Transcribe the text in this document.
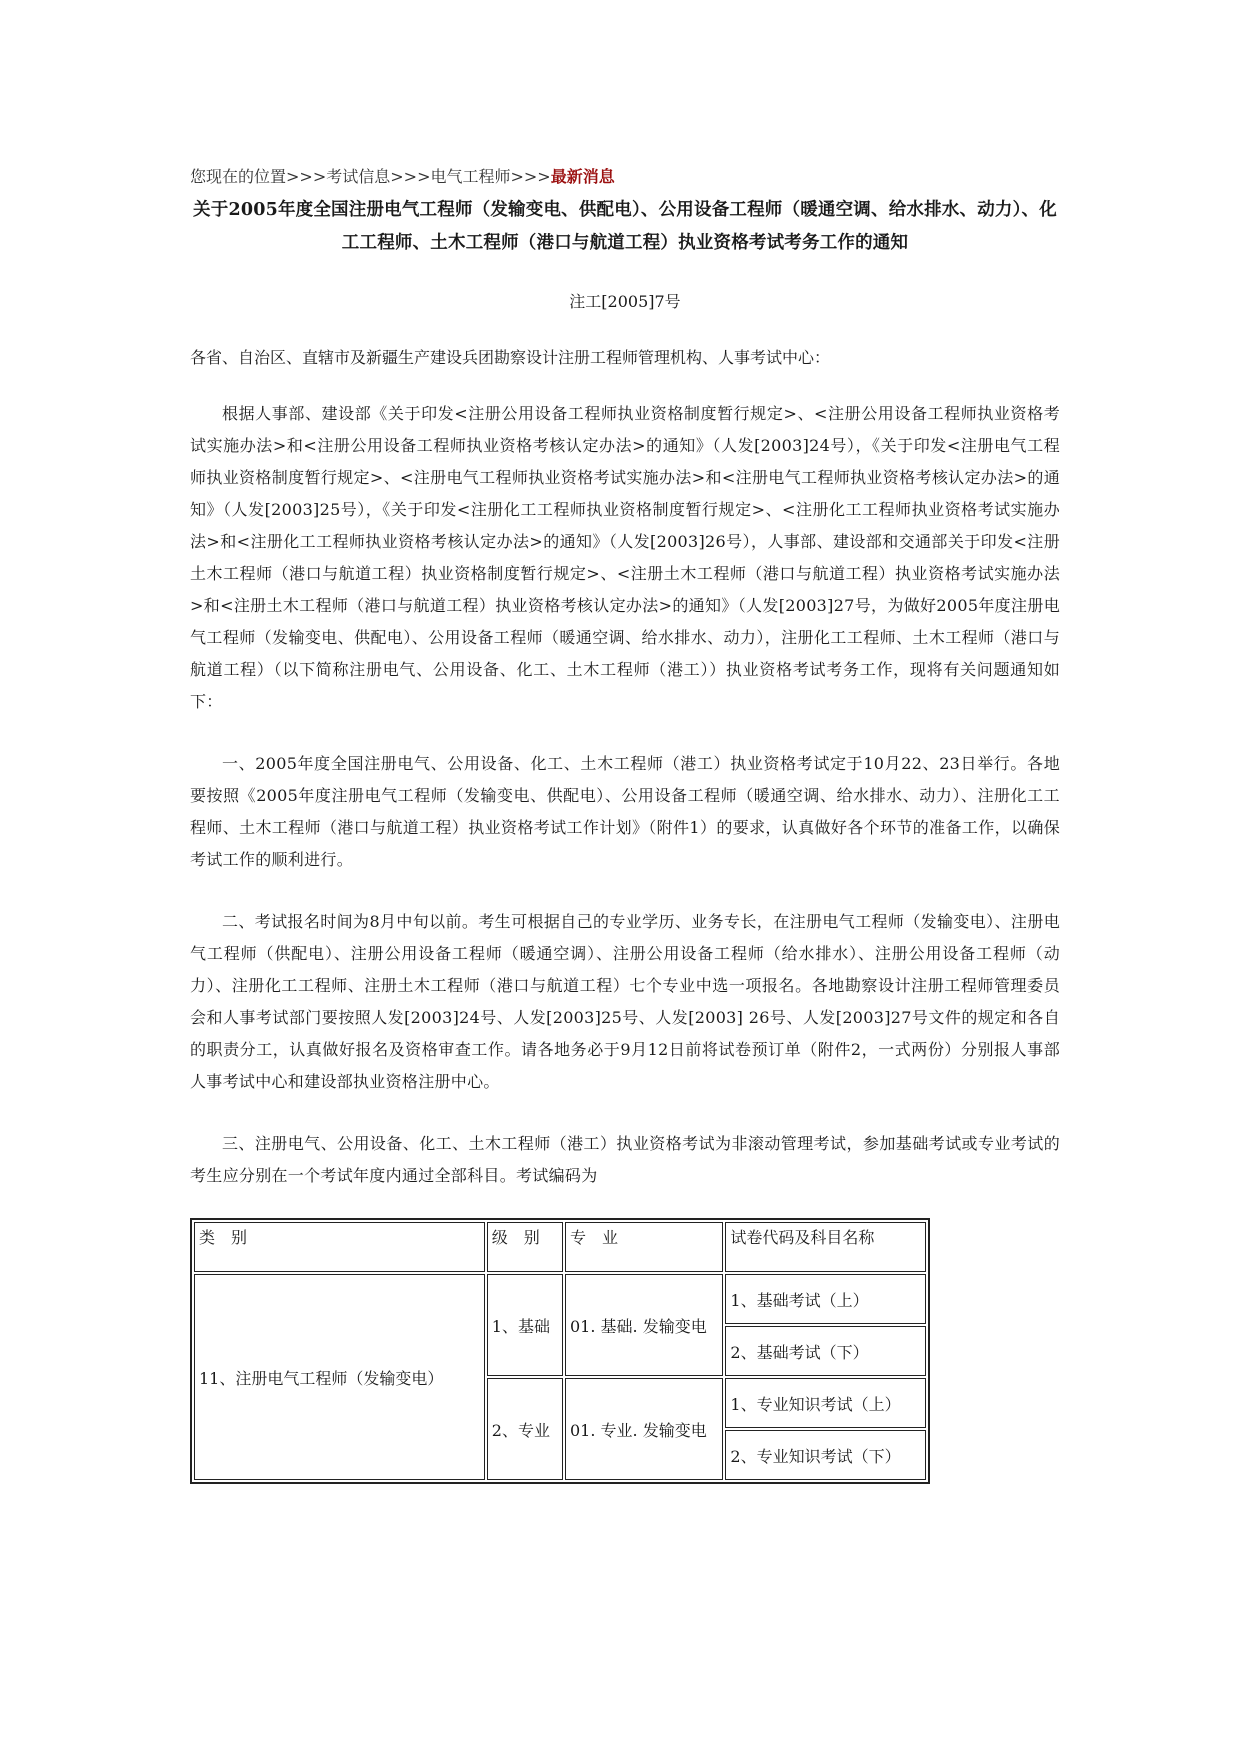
您现在的位置>>>考试信息>>>电气工程师>>>最新消息
关于2005年度全国注册电气工程师（发输变电、供配电）、公用设备工程师（暖通空调、给水排水、动力）、化工工程师、土木工程师（港口与航道工程）执业资格考试考务工作的通知
注工[2005]7号
各省、自治区、直辖市及新疆生产建设兵团勘察设计注册工程师管理机构、人事考试中心：

根据人事部、建设部《关于印发<注册公用设备工程师执业资格制度暂行规定>、<注册公用设备工程师执业资格考试实施办法>和<注册公用设备工程师执业资格考核认定办法>的通知》（人发[2003]24号），《关于印发<注册电气工程师执业资格制度暂行规定>、<注册电气工程师执业资格考试实施办法>和<注册电气工程师执业资格考核认定办法>的通知》（人发[2003]25号），《关于印发<注册化工工程师执业资格制度暂行规定>、<注册化工工程师执业资格考试实施办法>和<注册化工工程师执业资格考核认定办法>的通知》（人发[2003]26号），人事部、建设部和交通部关于印发<注册土木工程师（港口与航道工程）执业资格制度暂行规定>、<注册土木工程师（港口与航道工程）执业资格考试实施办法>和<注册土木工程师（港口与航道工程）执业资格考核认定办法>的通知》（人发[2003]27号，为做好2005年度注册电气工程师（发输变电、供配电）、公用设备工程师（暖通空调、给水排水、动力），注册化工工程师、土木工程师（港口与航道工程）（以下简称注册电气、公用设备、化工、土木工程师（港工））执业资格考试考务工作，现将有关问题通知如下：

一、2005年度全国注册电气、公用设备、化工、土木工程师（港工）执业资格考试定于10月22、23日举行。各地要按照《2005年度注册电气工程师（发输变电、供配电）、公用设备工程师（暖通空调、给水排水、动力）、注册化工工程师、土木工程师（港口与航道工程）执业资格考试工作计划》（附件1）的要求，认真做好各个环节的准备工作，以确保考试工作的顺利进行。

二、考试报名时间为8月中旬以前。考生可根据自己的专业学历、业务专长，在注册电气工程师（发输变电）、注册电气工程师（供配电）、注册公用设备工程师（暖通空调）、注册公用设备工程师（给水排水）、注册公用设备工程师（动力）、注册化工工程师、注册土木工程师（港口与航道工程）七个专业中选一项报名。各地勘察设计注册工程师管理委员会和人事考试部门要按照人发[2003]24号、人发[2003]25号、人发[2003] 26号、人发[2003]27号文件的规定和各自的职责分工，认真做好报名及资格审查工作。请各地务必于9月12日前将试卷预订单（附件2，一式两份）分别报人事部人事考试中心和建设部执业资格注册中心。

三、注册电气、公用设备、化工、土木工程师（港工）执业资格考试为非滚动管理考试，参加基础考试或专业考试的考生应分别在一个考试年度内通过全部科目。考试编码为

类　别	级　别	专　业	试卷代码及科目名称
11、注册电气工程师（发输变电）	1、基础	01. 基础. 发输变电	1、基础考试（上）
			2、基础考试（下）
	2、专业	01. 专业. 发输变电	1、专业知识考试（上）
			2、专业知识考试（下）
